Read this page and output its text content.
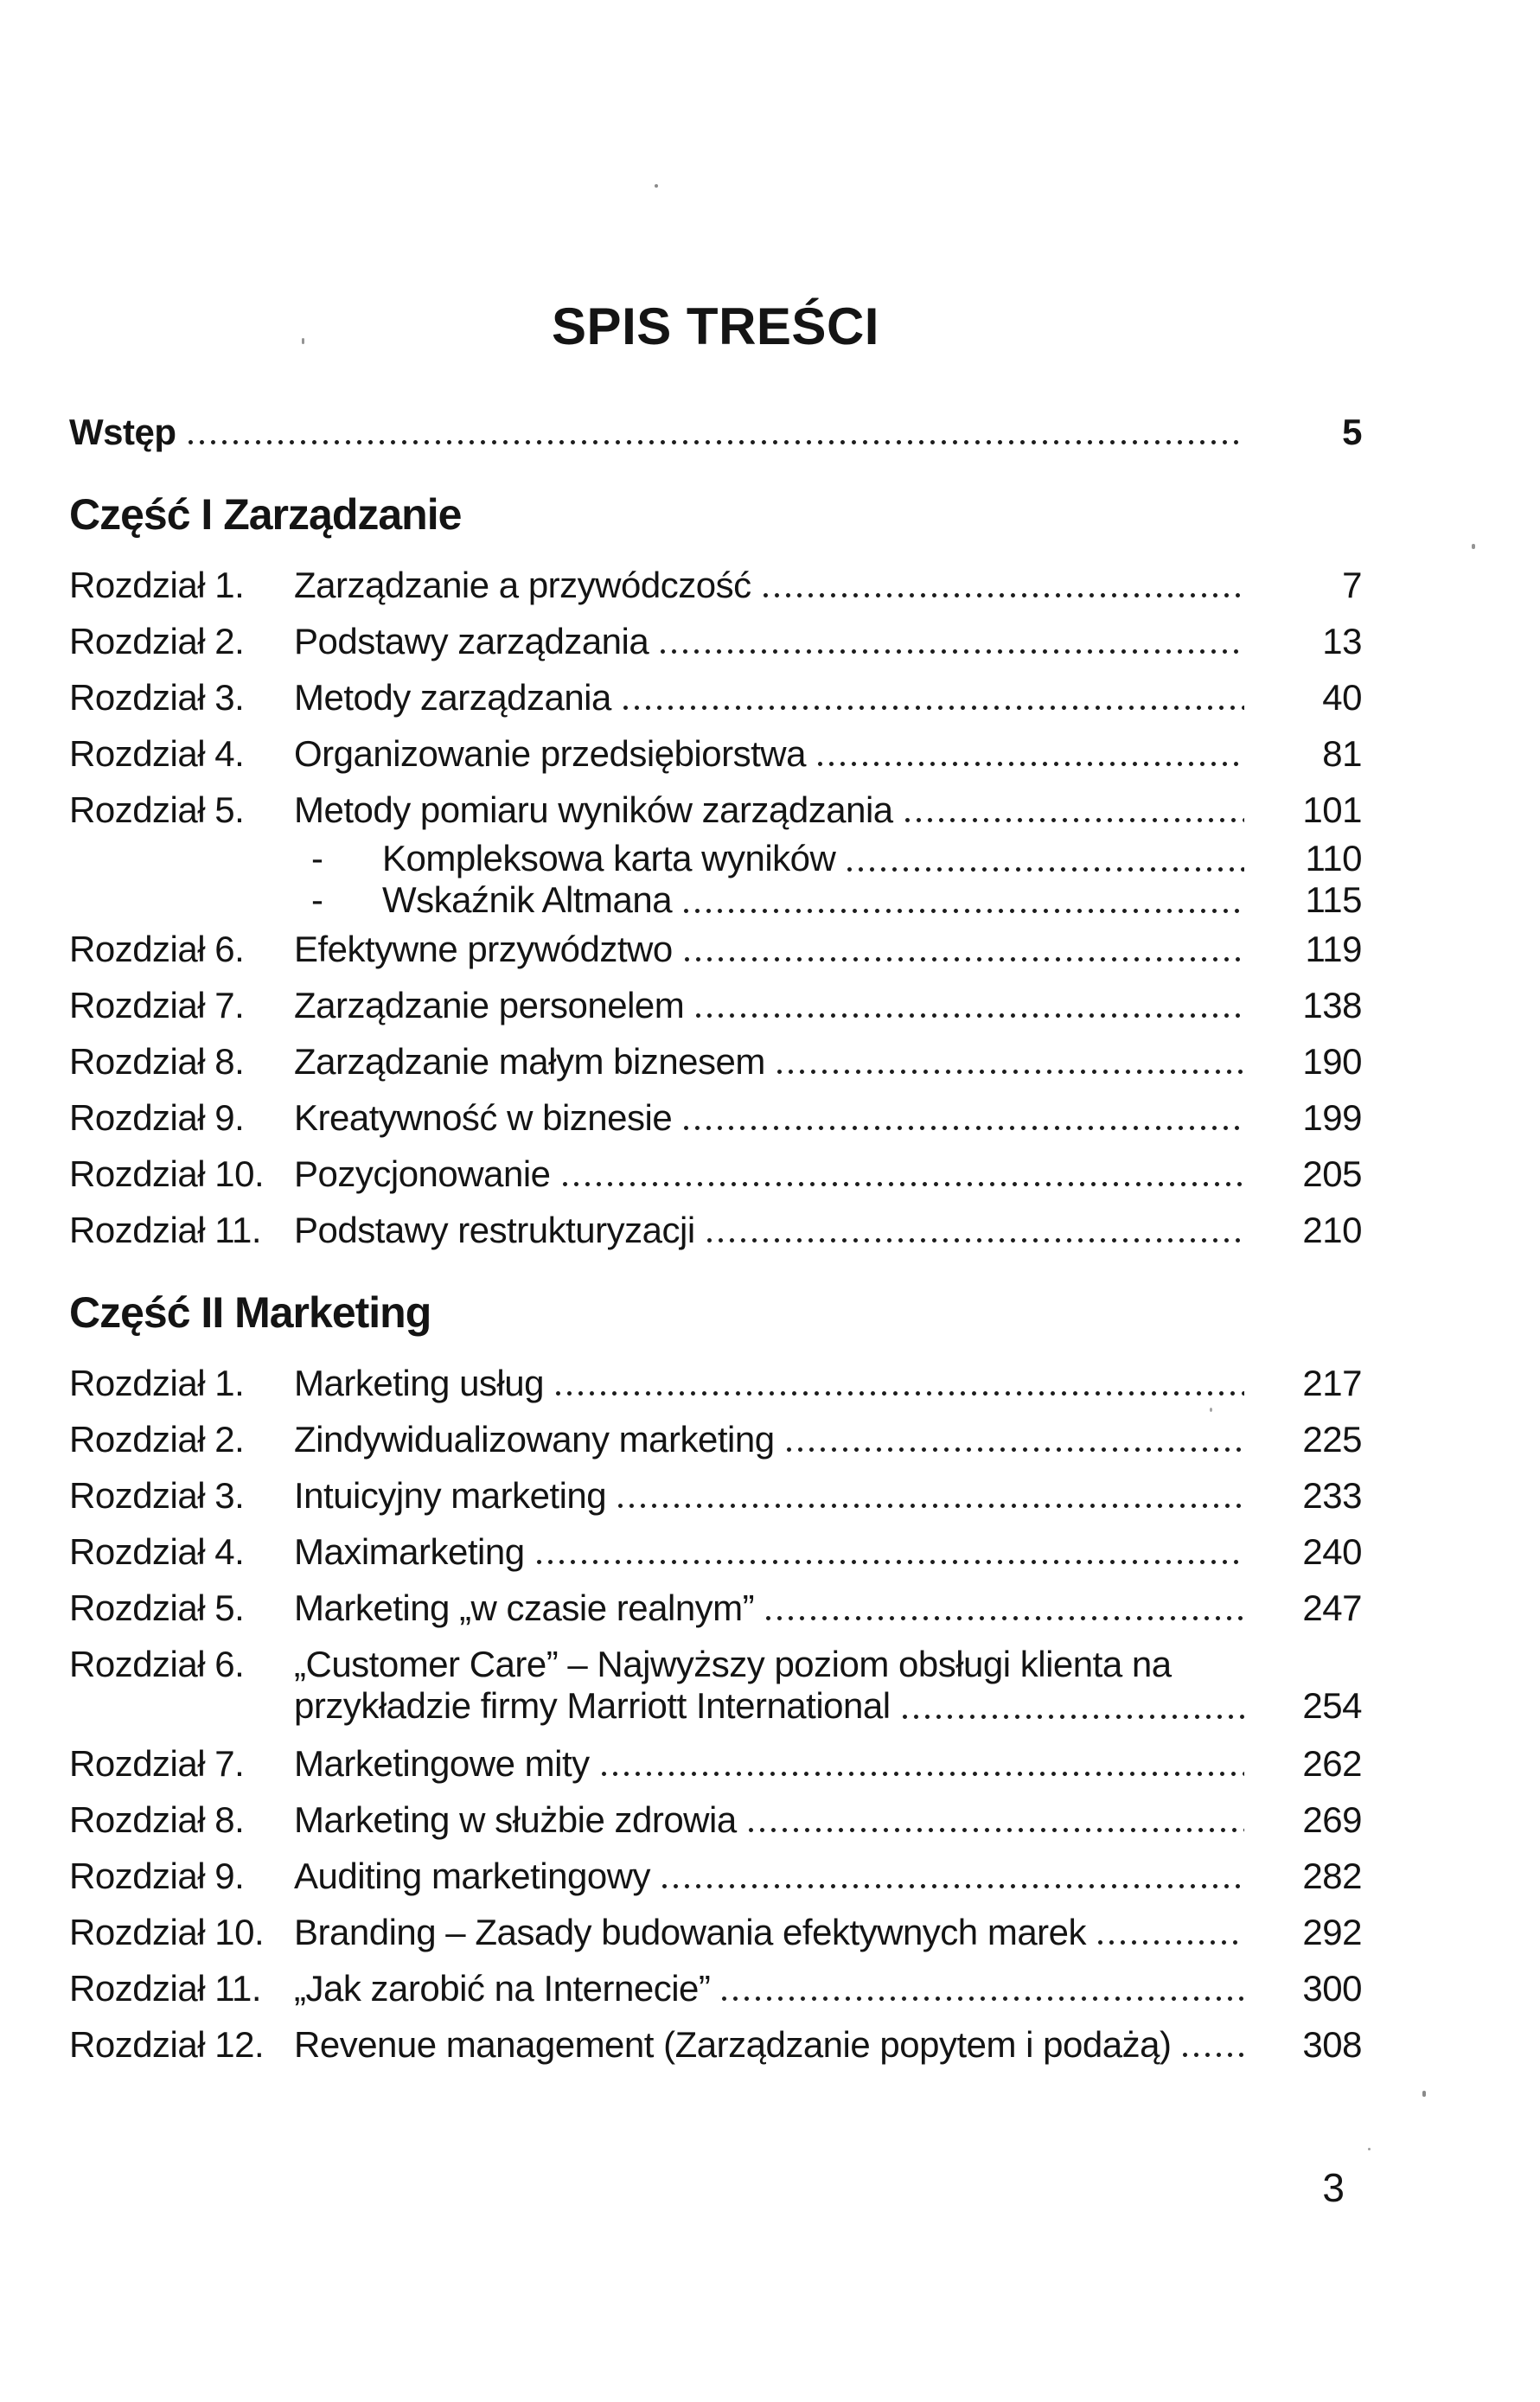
SPIS TREŚCI
Wstęp	5
Część I Zarządzanie
Rozdział 1.	Zarządzanie a przywódczość	7
Rozdział 2.	Podstawy zarządzania	13
Rozdział 3.	Metody zarządzania	40
Rozdział 4.	Organizowanie przedsiębiorstwa	81
Rozdział 5.	Metody pomiaru wyników zarządzania	101
-	Kompleksowa karta wyników	110
-	Wskaźnik Altmana	115
Rozdział 6.	Efektywne przywództwo	119
Rozdział 7.	Zarządzanie personelem	138
Rozdział 8.	Zarządzanie małym biznesem	190
Rozdział 9.	Kreatywność w biznesie	199
Rozdział 10. Pozycjonowanie	205
Rozdział 11. Podstawy restrukturyzacji	210
Część II Marketing
Rozdział 1.	Marketing usług	217
Rozdział 2.	Zindywidualizowany marketing	225
Rozdział 3.	Intuicyjny marketing	233
Rozdział 4.	Maximarketing	240
Rozdział 5.	Marketing „w czasie realnym”	247
Rozdział 6.	„Customer Care” – Najwyższy poziom obsługi klienta na
przykładzie firmy Marriott International	254
Rozdział 7.	Marketingowe mity	262
Rozdział 8.	Marketing w służbie zdrowia	269
Rozdział 9.	Auditing marketingowy	282
Rozdział 10. Branding – Zasady budowania efektywnych marek	292
Rozdział 11. „Jak zarobić na Internecie”	300
Rozdział 12. Revenue management (Zarządzanie popytem i podażą)	308
3
